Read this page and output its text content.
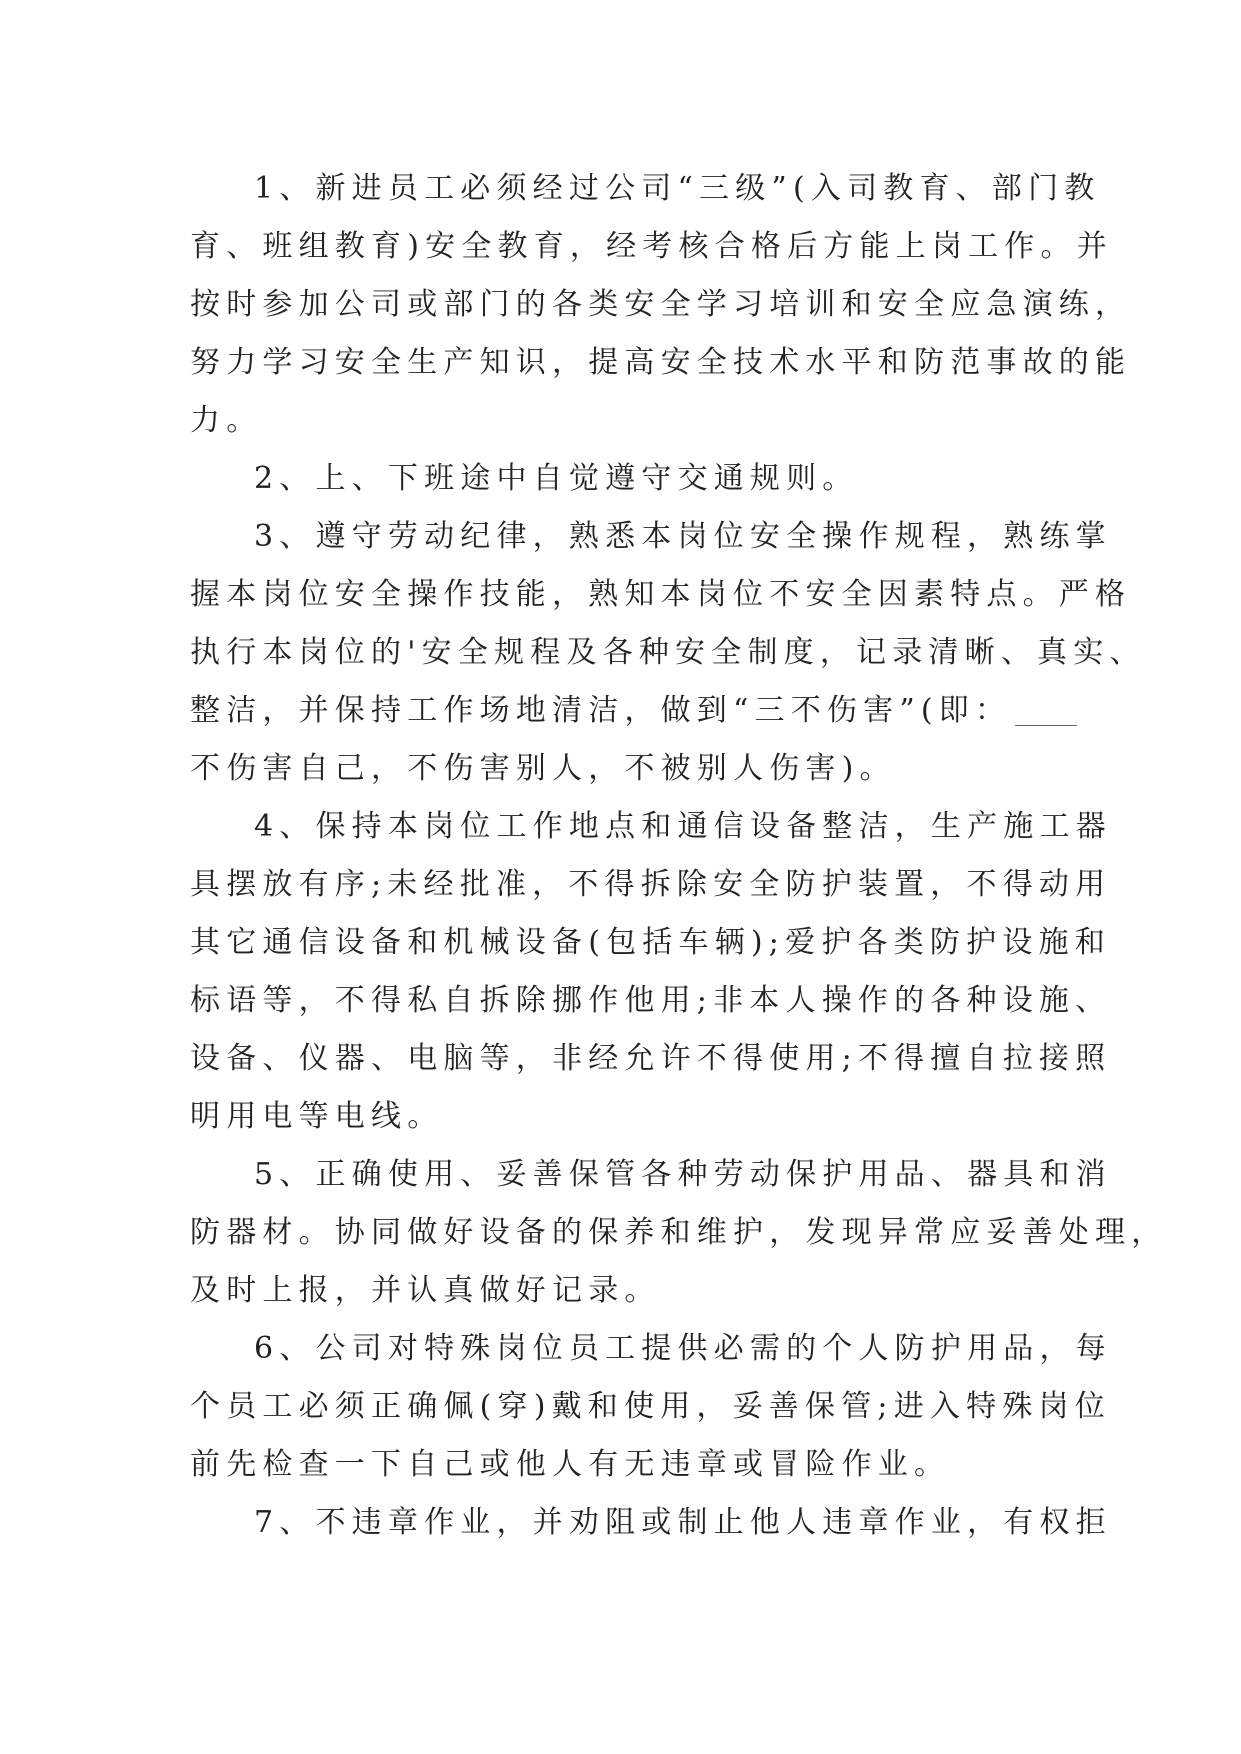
1、新进员工必须经过公司“三级”(入司教育、部门教
育、班组教育)安全教育，经考核合格后方能上岗工作。并
按时参加公司或部门的各类安全学习培训和安全应急演练，
努力学习安全生产知识，提高安全技术水平和防范事故的能
力。
2、上、下班途中自觉遵守交通规则。
3、遵守劳动纪律，熟悉本岗位安全操作规程，熟练掌
握本岗位安全操作技能，熟知本岗位不安全因素特点。严格
执行本岗位的'安全规程及各种安全制度，记录清晰、真实、
整洁，并保持工作场地清洁，做到“三不伤害”(即：
不伤害自己，不伤害别人，不被别人伤害)。
4、保持本岗位工作地点和通信设备整洁，生产施工器
具摆放有序;未经批准，不得拆除安全防护装置，不得动用
其它通信设备和机械设备(包括车辆);爱护各类防护设施和
标语等，不得私自拆除挪作他用;非本人操作的各种设施、
设备、仪器、电脑等，非经允许不得使用;不得擅自拉接照
明用电等电线。
5、正确使用、妥善保管各种劳动保护用品、器具和消
防器材。协同做好设备的保养和维护，发现异常应妥善处理，
及时上报，并认真做好记录。
6、公司对特殊岗位员工提供必需的个人防护用品，每
个员工必须正确佩(穿)戴和使用，妥善保管;进入特殊岗位
前先检查一下自己或他人有无违章或冒险作业。
7、不违章作业，并劝阻或制止他人违章作业，有权拒
